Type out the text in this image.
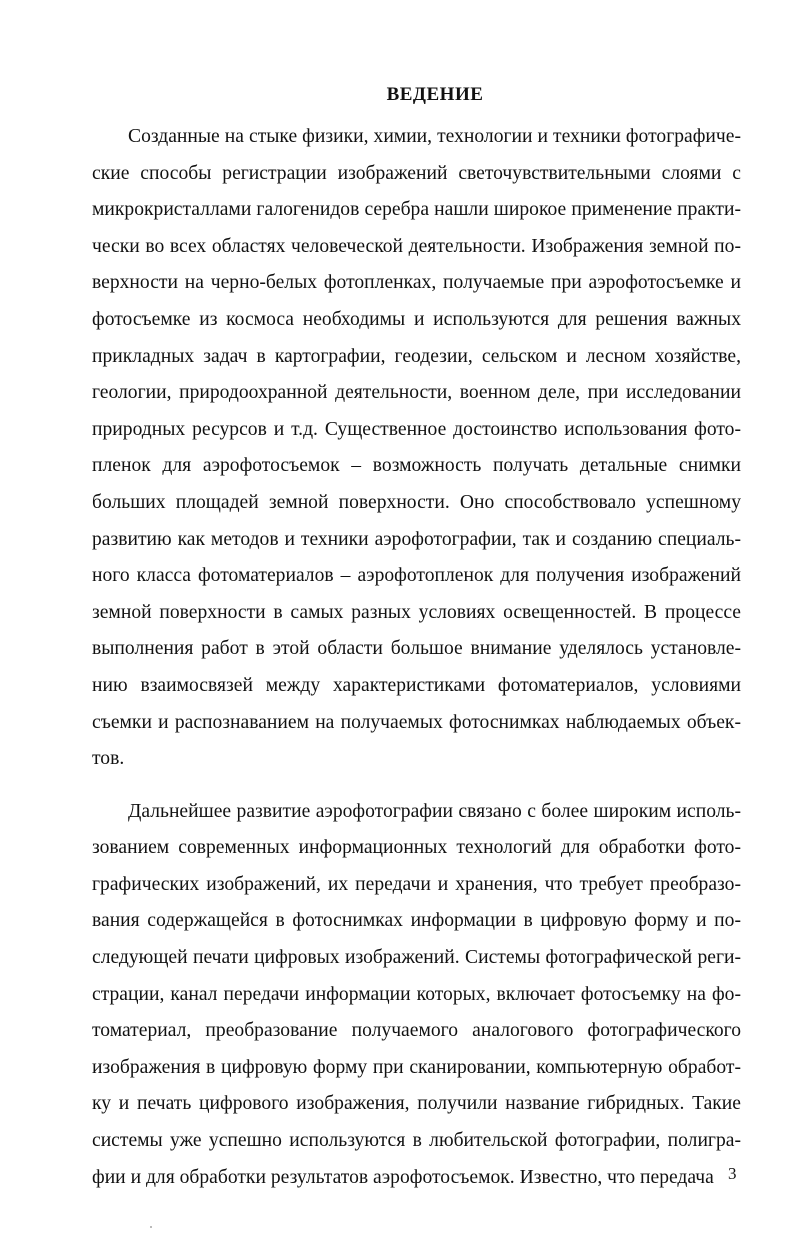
ВЕДЕНИЕ

Созданные на стыке физики, химии, технологии и техники фотографические способы регистрации изображений светочувствительными слоями с микрокристаллами галогенидов серебра нашли широкое применение практически во всех областях человеческой деятельности. Изображения земной поверхности на черно-белых фотопленках, получаемые при аэрофотосъемке и фотосъемке из космоса необходимы и используются для решения важных прикладных задач в картографии, геодезии, сельском и лесном хозяйстве, геологии, природоохранной деятельности, военном деле, при исследовании природных ресурсов и т.д. Существенное достоинство использования фотопленок для аэрофотосъемок – возможность получать детальные снимки больших площадей земной поверхности. Оно способствовало успешному развитию как методов и техники аэрофотографии, так и созданию специального класса фотоматериалов – аэрофотопленок для получения изображений земной поверхности в самых разных условиях освещенностей. В процессе выполнения работ в этой области большое внимание уделялось установлению взаимосвязей между характеристиками фотоматериалов, условиями съемки и распознаванием на получаемых фотоснимках наблюдаемых объектов.

Дальнейшее развитие аэрофотографии связано с более широким использованием современных информационных технологий для обработки фотографических изображений, их передачи и хранения, что требует преобразования содержащейся в фотоснимках информации в цифровую форму и последующей печати цифровых изображений. Системы фотографической регистрации, канал передачи информации которых, включает фотосъемку на фотоматериал, преобразование получаемого аналогового фотографического изображения в цифровую форму при сканировании, компьютерную обработку и печать цифрового изображения, получили название гибридных. Такие системы уже успешно используются в любительской фотографии, полиграфии и для обработки результатов аэрофотосъемок. Известно, что передача 3
